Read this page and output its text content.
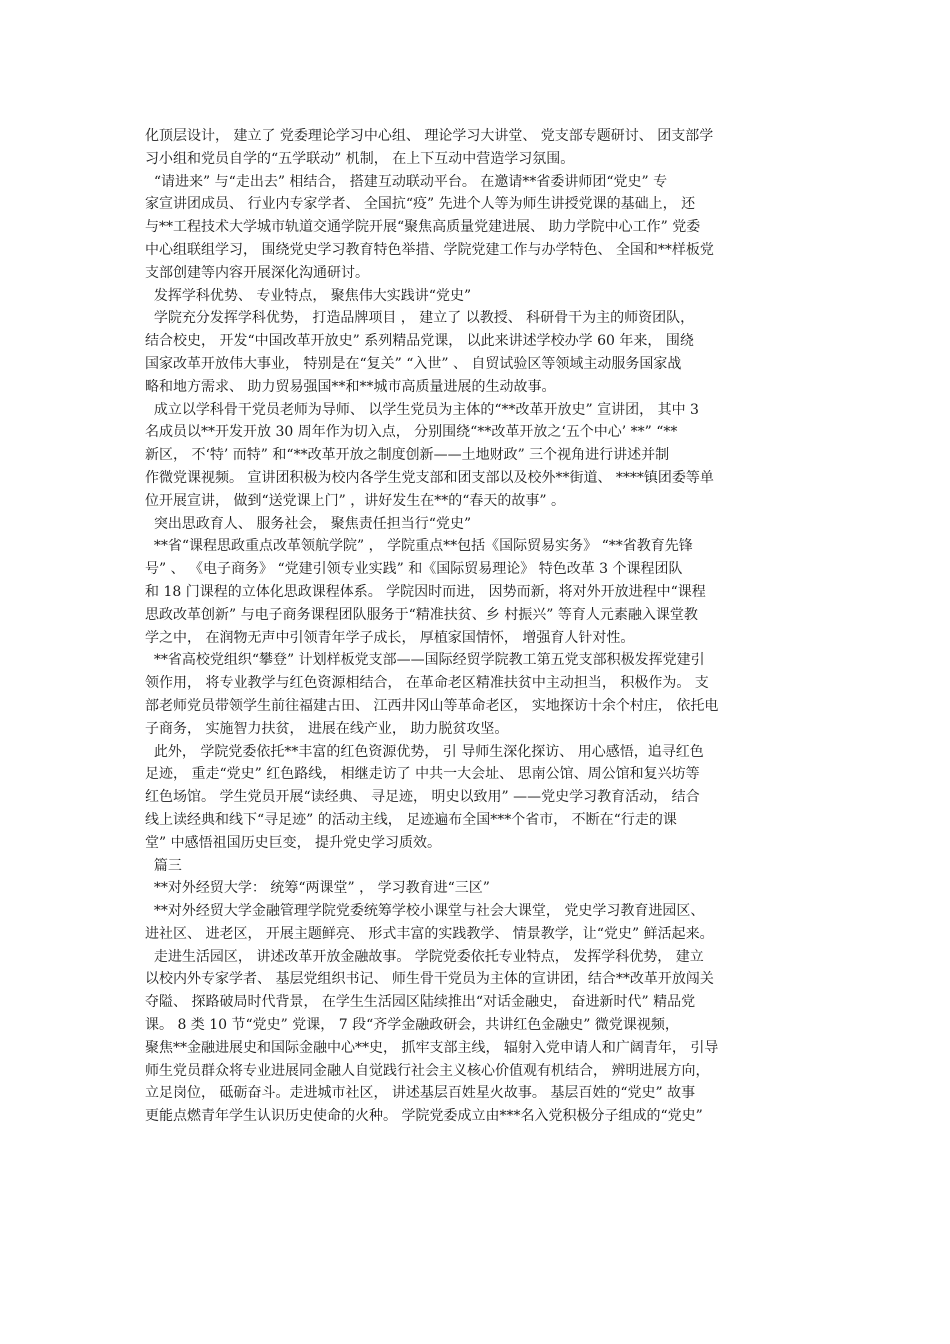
化顶层设计， 建立了 党委理论学习中心组、 理论学习大讲堂、 党支部专题研讨、 团支部学
习小组和党员自学的“五学联动” 机制， 在上下互动中营造学习氛围。
“请进来” 与“走出去” 相结合， 搭建互动联动平台。 在邀请**省委讲师团“党史” 专
家宣讲团成员、 行业内专家学者、 全国抗“疫” 先进个人等为师生讲授党课的基础上， 还
与**工程技术大学城市轨道交通学院开展“聚焦高质量党建进展、 助力学院中心工作” 党委
中心组联组学习， 围绕党史学习教育特色举措、学院党建工作与办学特色、 全国和**样板党
支部创建等内容开展深化沟通研讨。
发挥学科优势、 专业特点， 聚焦伟大实践讲“党史”
学院充分发挥学科优势， 打造品牌项目 ， 建立了 以教授、 科研骨干为主的师资团队，
结合校史， 开发“中国改革开放史” 系列精品党课， 以此来讲述学校办学 60 年来， 围绕
国家改革开放伟大事业， 特别是在“复关” “入世” 、 自贸试验区等领域主动服务国家战
略和地方需求、 助力贸易强国**和**城市高质量进展的生动故事。
成立以学科骨干党员老师为导师、 以学生党员为主体的“**改革开放史” 宣讲团， 其中 3
名成员以**开发开放 30 周年作为切入点， 分别围绕“**改革开放之‘五个中心’ **” “**
新区， 不‘特’ 而特” 和“**改革开放之制度创新——土地财政” 三个视角进行讲述并制
作微党课视频。 宣讲团积极为校内各学生党支部和团支部以及校外**街道、 ****镇团委等单
位开展宣讲， 做到“送党课上门” ，讲好发生在**的“春天的故事” 。
突出思政育人、 服务社会， 聚焦责任担当行“党史”
**省“课程思政重点改革领航学院” ， 学院重点**包括《国际贸易实务》 “**省教育先锋
号” 、 《电子商务》 “党建引领专业实践” 和《国际贸易理论》 特色改革 3 个课程团队
和 18 门课程的立体化思政课程体系。 学院因时而进， 因势而新，将对外开放进程中“课程
思政改革创新” 与电子商务课程团队服务于“精准扶贫、乡 村振兴” 等育人元素融入课堂教
学之中， 在润物无声中引领青年学子成长， 厚植家国情怀， 增强育人针对性。
**省高校党组织“攀登” 计划样板党支部——国际经贸学院教工第五党支部积极发挥党建引
领作用， 将专业教学与红色资源相结合， 在革命老区精准扶贫中主动担当， 积极作为。 支
部老师党员带领学生前往福建古田、 江西井冈山等革命老区， 实地探访十余个村庄， 依托电
子商务， 实施智力扶贫， 进展在线产业， 助力脱贫攻坚。
此外， 学院党委依托**丰富的红色资源优势， 引 导师生深化探访、 用心感悟，追寻红色
足迹， 重走“党史” 红色路线， 相继走访了 中共一大会址、 思南公馆、周公馆和复兴坊等
红色场馆。 学生党员开展“读经典、 寻足迹， 明史以致用” ——党史学习教育活动， 结合
线上读经典和线下“寻足迹” 的活动主线， 足迹遍布全国***个省市， 不断在“行走的课
堂” 中感悟祖国历史巨变， 提升党史学习质效。
篇三
**对外经贸大学： 统筹“两课堂” ， 学习教育进“三区”
**对外经贸大学金融管理学院党委统筹学校小课堂与社会大课堂， 党史学习教育进园区、
进社区、 进老区， 开展主题鲜亮、 形式丰富的实践教学、 情景教学，让“党史” 鲜活起来。
走进生活园区， 讲述改革开放金融故事。 学院党委依托专业特点， 发挥学科优势， 建立
以校内外专家学者、 基层党组织书记、 师生骨干党员为主体的宣讲团，结合**改革开放闯关
夺隘、 探路破局时代背景， 在学生生活园区陆续推出“对话金融史， 奋进新时代” 精品党
课。 8 类 10 节“党史” 党课， 7 段“齐学金融政研会，共讲红色金融史” 微党课视频，
聚焦**金融进展史和国际金融中心**史， 抓牢支部主线， 辐射入党申请人和广阔青年， 引导
师生党员群众将专业进展同金融人自觉践行社会主义核心价值观有机结合， 辨明进展方向，
立足岗位， 砥砺奋斗。走进城市社区， 讲述基层百姓星火故事。 基层百姓的“党史” 故事
更能点燃青年学生认识历史使命的火种。 学院党委成立由***名入党积极分子组成的“党史”
